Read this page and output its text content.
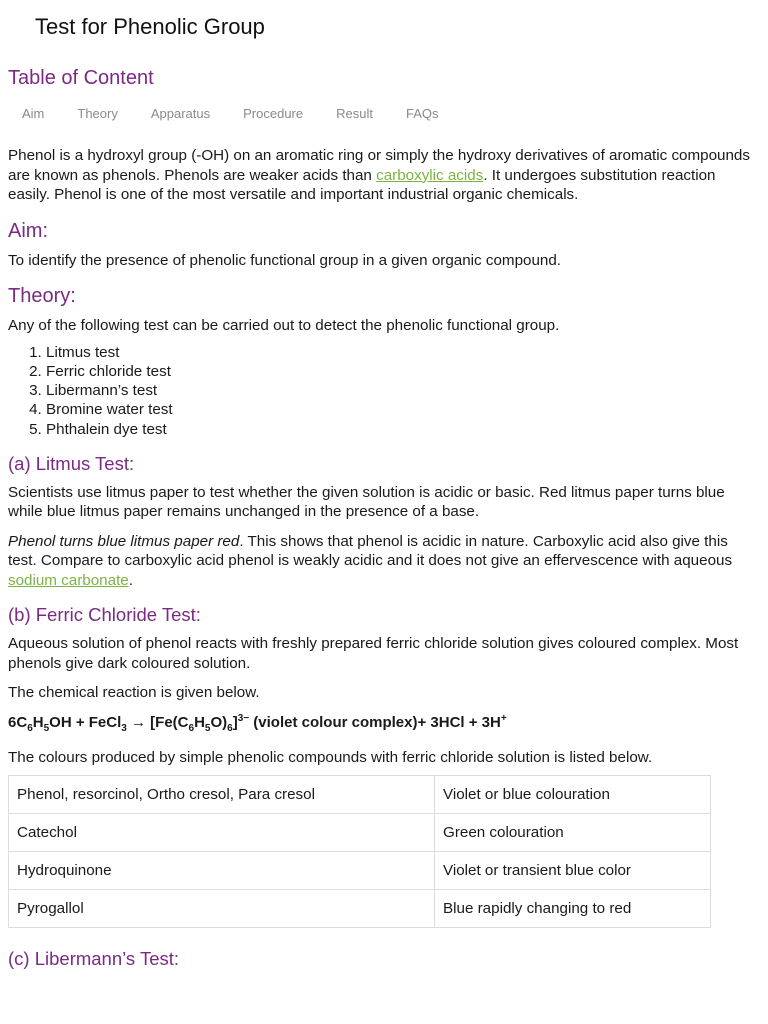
Test for Phenolic Group
Table of Content
Aim	Theory	Apparatus	Procedure	Result	FAQs

Phenol is a hydroxyl group (-OH) on an aromatic ring or simply the hydroxy derivatives of aromatic compounds are known as phenols. Phenols are weaker acids than carboxylic acids. It undergoes substitution reaction easily. Phenol is one of the most versatile and important industrial organic chemicals.

Aim:

To identify the presence of phenolic functional group in a given organic compound.

Theory:

Any of the following test can be carried out to detect the phenolic functional group.

1. Litmus test
2. Ferric chloride test
3. Libermann’s test
4. Bromine water test
5. Phthalein dye test
(a) Litmus Test:

Scientists use litmus paper to test whether the given solution is acidic or basic. Red litmus paper turns blue while blue litmus paper remains unchanged in the presence of a base.

Phenol turns blue litmus paper red. This shows that phenol is acidic in nature. Carboxylic acid also give this test. Compare to carboxylic acid phenol is weakly acidic and it does not give an effervescence with aqueous sodium carbonate.

(b) Ferric Chloride Test:

Aqueous solution of phenol reacts with freshly prepared ferric chloride solution gives coloured complex. Most phenols give dark coloured solution.

The chemical reaction is given below.

$6C_6H_5OH$ + FeCl$_3$ → $[Fe(C_6H_5O)_6]^{3-}$ (violet colour complex)+ 3HCl + 3H+

The colours produced by simple phenolic compounds with ferric chloride solution is listed below.

Phenol, resorcinol, Ortho cresol, Para cresol	Violet or blue colouration
Catechol	Green colouration
Hydroquinone	Violet or transient blue color
Pyrogallol	Blue rapidly changing to red
(c) Libermann’s Test:
